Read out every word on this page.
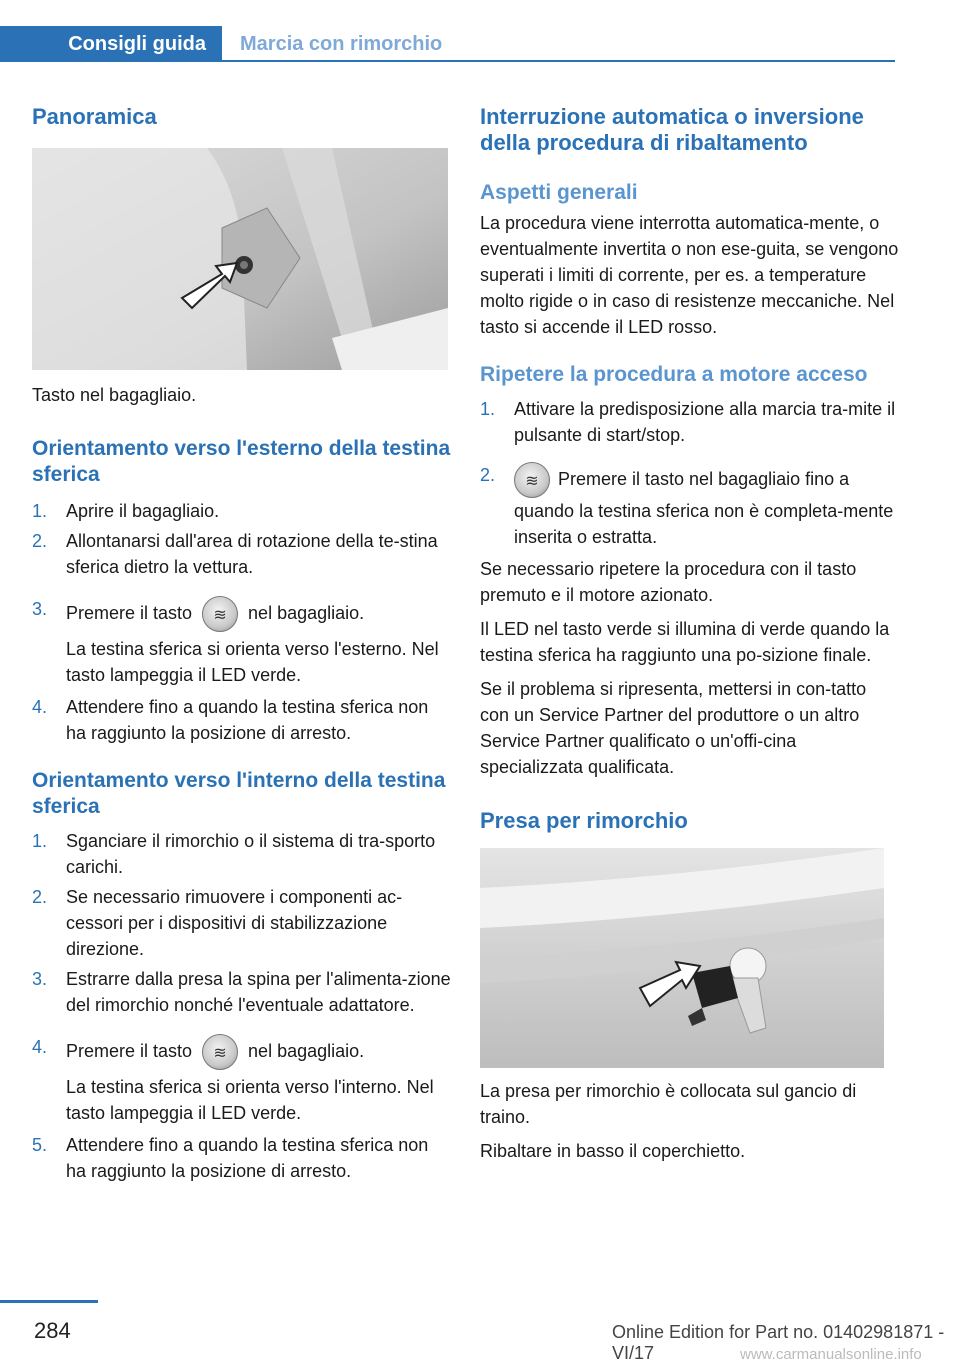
Consigli guida	Marcia con rimorchio
Panoramica

Tasto nel bagagliaio.

Orientamento verso l'esterno della testina sferica
1. Aprire il bagagliaio.
2. Allontanarsi dall'area di rotazione della te-stina sferica dietro la vettura.
3. Premere il tasto ≋	nel bagagliaio.
La testina sferica si orienta verso l'esterno. Nel tasto lampeggia il LED verde.
4. Attendere fino a quando la testina sferica non ha raggiunto la posizione di arresto.
Orientamento verso l'interno della testina sferica
1. Sganciare il rimorchio o il sistema di tra-sporto carichi.
2. Se necessario rimuovere i componenti ac-cessori per i dispositivi di stabilizzazione direzione.
3. Estrarre dalla presa la spina per l'alimenta-zione del rimorchio nonché l'eventuale adattatore.
4. Premere il tasto ≋	nel bagagliaio.
La testina sferica si orienta verso l'interno. Nel tasto lampeggia il LED verde.
5. Attendere fino a quando la testina sferica non ha raggiunto la posizione di arresto.
Interruzione automatica o inversione della procedura di ribaltamento
Aspetti generali

La procedura viene interrotta automatica-mente, o eventualmente invertita o non ese-guita, se vengono superati i limiti di corrente, per es. a temperature molto rigide o in caso di resistenze meccaniche. Nel tasto si accende il LED rosso.

Ripetere la procedura a motore acceso
1. Attivare la predisposizione alla marcia tra-mite il pulsante di start/stop.
2. ≋	Premere il tasto nel bagagliaio fino a quando la testina sferica non è completa-mente inserita o estratta.

Se necessario ripetere la procedura con il tasto premuto e il motore azionato.

Il LED nel tasto verde si illumina di verde quando la testina sferica ha raggiunto una po-sizione finale.

Se il problema si ripresenta, mettersi in con-tatto con un Service Partner del produttore o un altro Service Partner qualificato o un'offi-cina specializzata qualificata.

Presa per rimorchio

La presa per rimorchio è collocata sul gancio di traino.

Ribaltare in basso il coperchietto.

284	Online Edition for Part no. 01402981871 - VI/17	www.carmanualsonline.info
